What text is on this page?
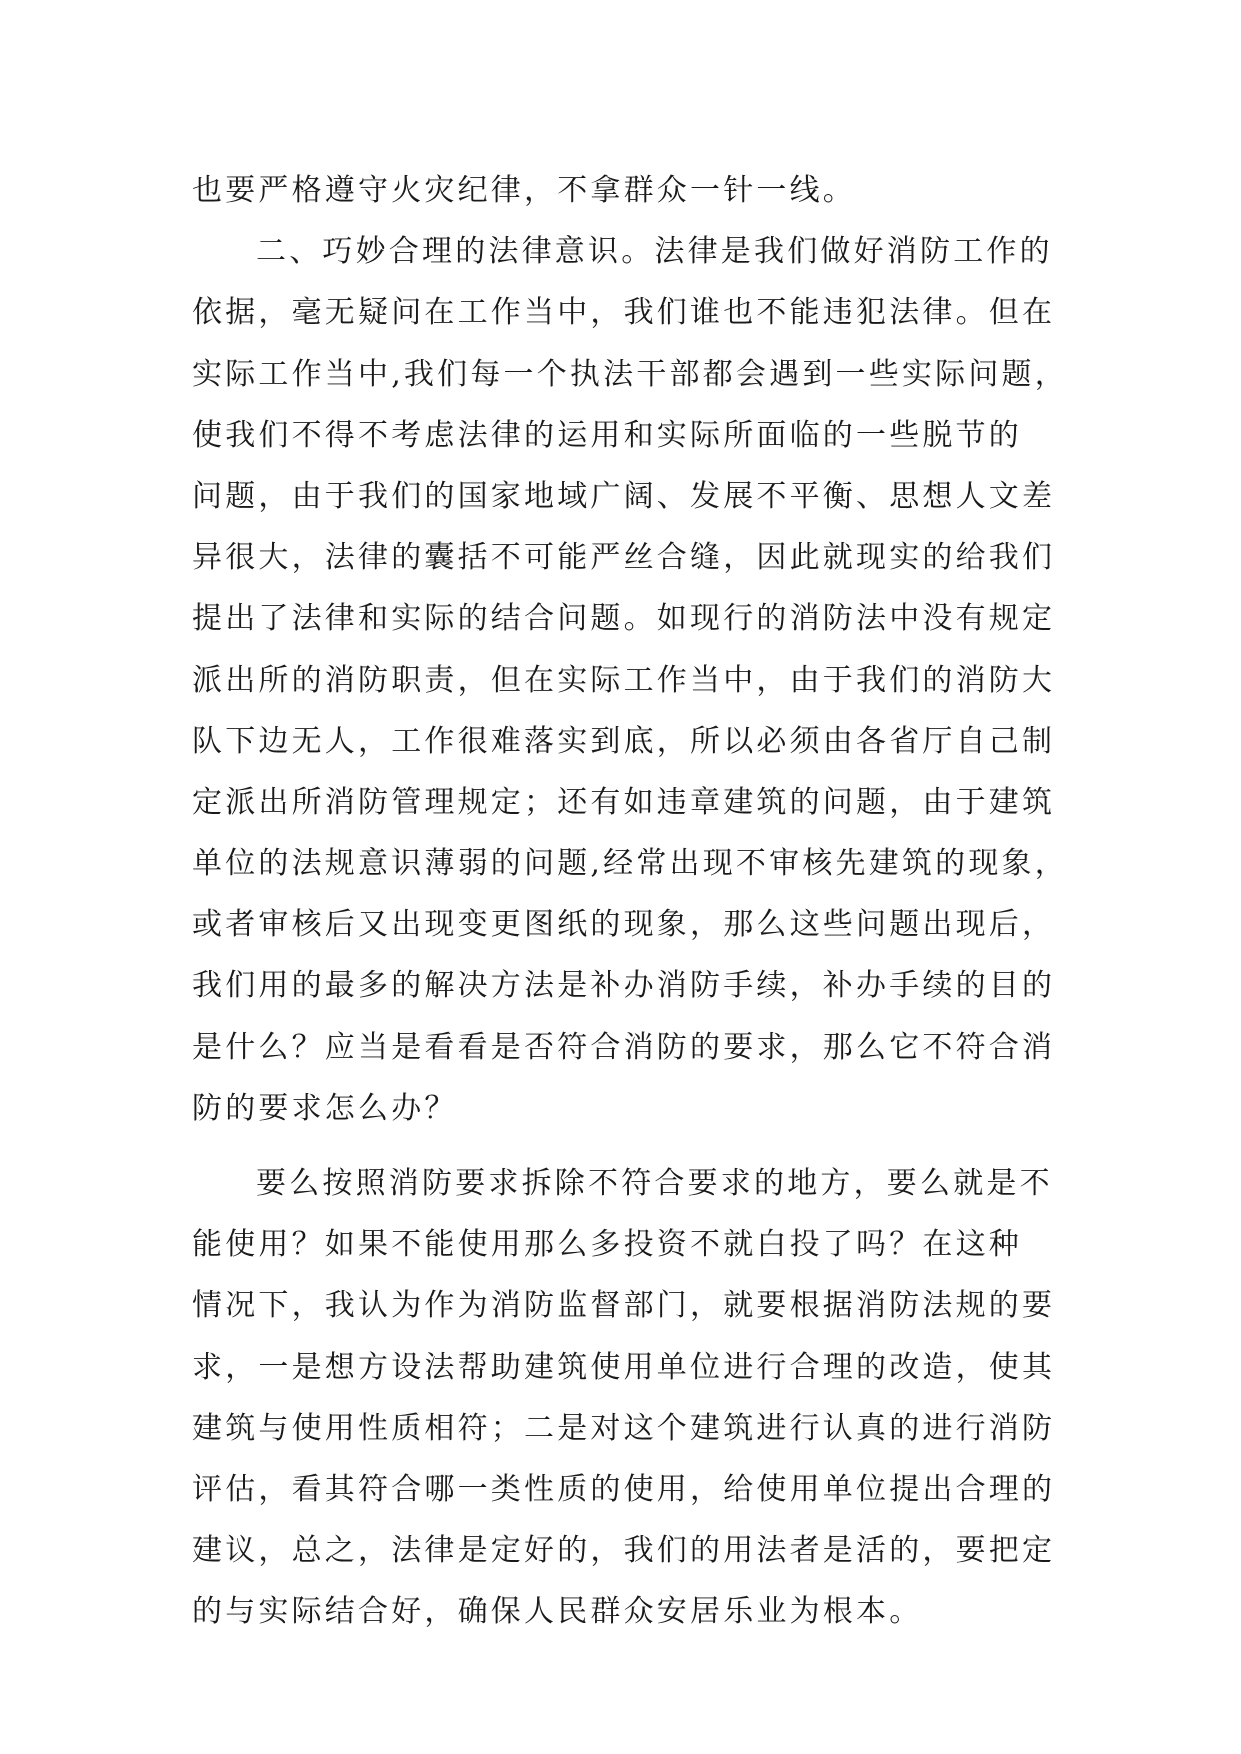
也要严格遵守火灾纪律，不拿群众一针一线。
二、巧妙合理的法律意识。法律是我们做好消防工作的
依据，毫无疑问在工作当中，我们谁也不能违犯法律。但在
实际工作当中,我们每一个执法干部都会遇到一些实际问题，
使我们不得不考虑法律的运用和实际所面临的一些脱节的
问题，由于我们的国家地域广阔、发展不平衡、思想人文差
异很大，法律的囊括不可能严丝合缝，因此就现实的给我们
提出了法律和实际的结合问题。如现行的消防法中没有规定
派出所的消防职责，但在实际工作当中，由于我们的消防大
队下边无人，工作很难落实到底，所以必须由各省厅自己制
定派出所消防管理规定；还有如违章建筑的问题，由于建筑
单位的法规意识薄弱的问题,经常出现不审核先建筑的现象，
或者审核后又出现变更图纸的现象，那么这些问题出现后，
我们用的最多的解决方法是补办消防手续，补办手续的目的
是什么？应当是看看是否符合消防的要求，那么它不符合消
防的要求怎么办？
要么按照消防要求拆除不符合要求的地方，要么就是不
能使用？如果不能使用那么多投资不就白投了吗？在这种
情况下，我认为作为消防监督部门，就要根据消防法规的要
求，一是想方设法帮助建筑使用单位进行合理的改造，使其
建筑与使用性质相符；二是对这个建筑进行认真的进行消防
评估，看其符合哪一类性质的使用，给使用单位提出合理的
建议，总之，法律是定好的，我们的用法者是活的，要把定
的与实际结合好，确保人民群众安居乐业为根本。
